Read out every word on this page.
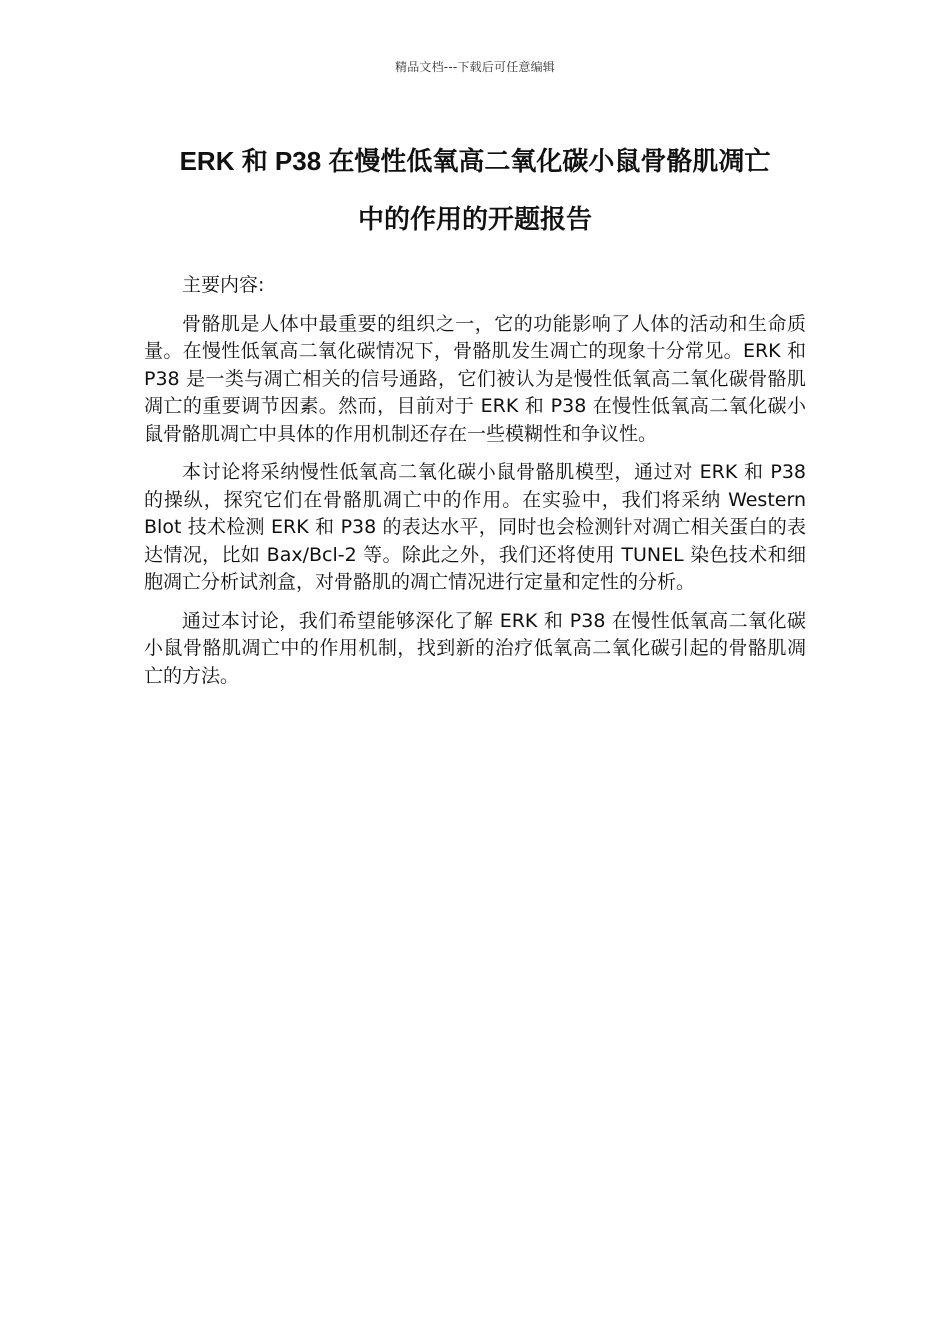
精品文档---下载后可任意编辑
ERK 和 P38 在慢性低氧高二氧化碳小鼠骨骼肌凋亡
中的作用的开题报告

主要内容:

骨骼肌是人体中最重要的组织之一，它的功能影响了人体的活动和生命质量。在慢性低氧高二氧化碳情况下，骨骼肌发生凋亡的现象十分常见。ERK 和 P38 是一类与凋亡相关的信号通路，它们被认为是慢性低氧高二氧化碳骨骼肌凋亡的重要调节因素。然而，目前对于 ERK 和 P38 在慢性低氧高二氧化碳小鼠骨骼肌凋亡中具体的作用机制还存在一些模糊性和争议性。

本讨论将采纳慢性低氧高二氧化碳小鼠骨骼肌模型，通过对 ERK 和 P38 的操纵，探究它们在骨骼肌凋亡中的作用。在实验中，我们将采纳 Western Blot 技术检测 ERK 和 P38 的表达水平，同时也会检测针对凋亡相关蛋白的表达情况，比如 Bax/Bcl-2 等。除此之外，我们还将使用 TUNEL 染色技术和细胞凋亡分析试剂盒，对骨骼肌的凋亡情况进行定量和定性的分析。

通过本讨论，我们希望能够深化了解 ERK 和 P38 在慢性低氧高二氧化碳小鼠骨骼肌凋亡中的作用机制，找到新的治疗低氧高二氧化碳引起的骨骼肌凋亡的方法。
